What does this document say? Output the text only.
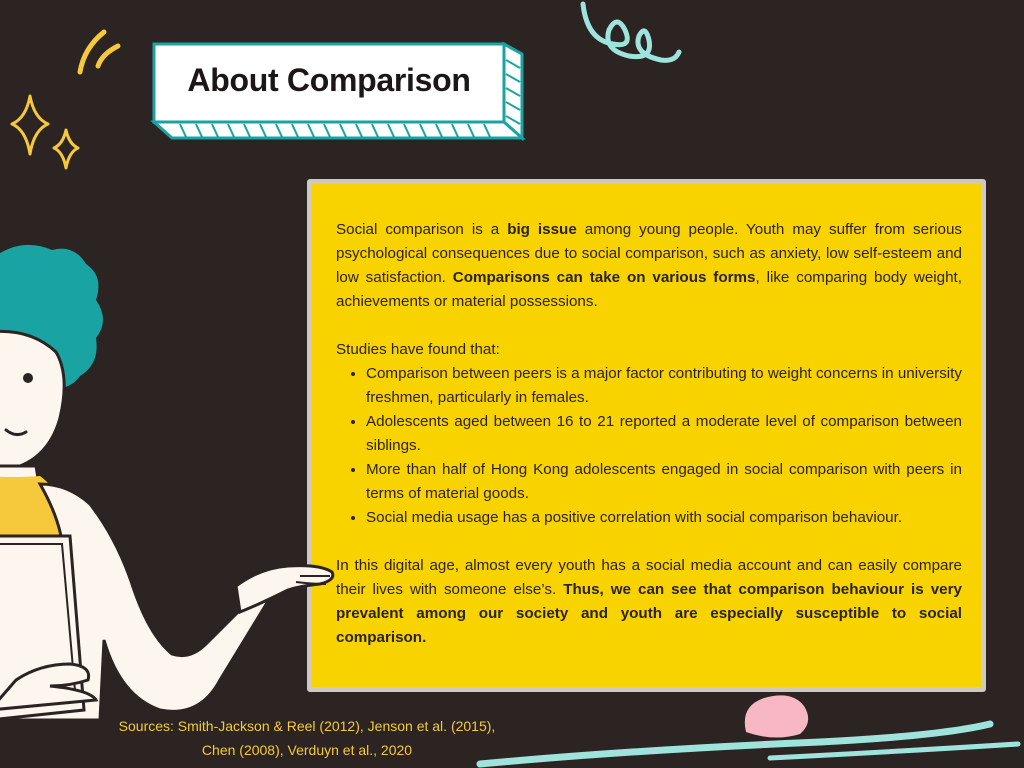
About Comparison

Social comparison is a big issue among young people. Youth may suffer from serious psychological consequences due to social comparison, such as anxiety, low self-esteem and low satisfaction. Comparisons can take on various forms, like comparing body weight, achievements or material possessions.

Studies have found that:

• Comparison between peers is a major factor contributing to weight concerns in university freshmen, particularly in females.
• Adolescents aged between 16 to 21 reported a moderate level of comparison between siblings.
• More than half of Hong Kong adolescents engaged in social comparison with peers in terms of material goods.
• Social media usage has a positive correlation with social comparison behaviour.

In this digital age, almost every youth has a social media account and can easily compare their lives with someone else’s. Thus, we can see that comparison behaviour is very prevalent among our society and youth are especially susceptible to social comparison.

Sources: Smith-Jackson & Reel (2012), Jenson et al. (2015), Chen (2008), Verduyn et al., 2020
